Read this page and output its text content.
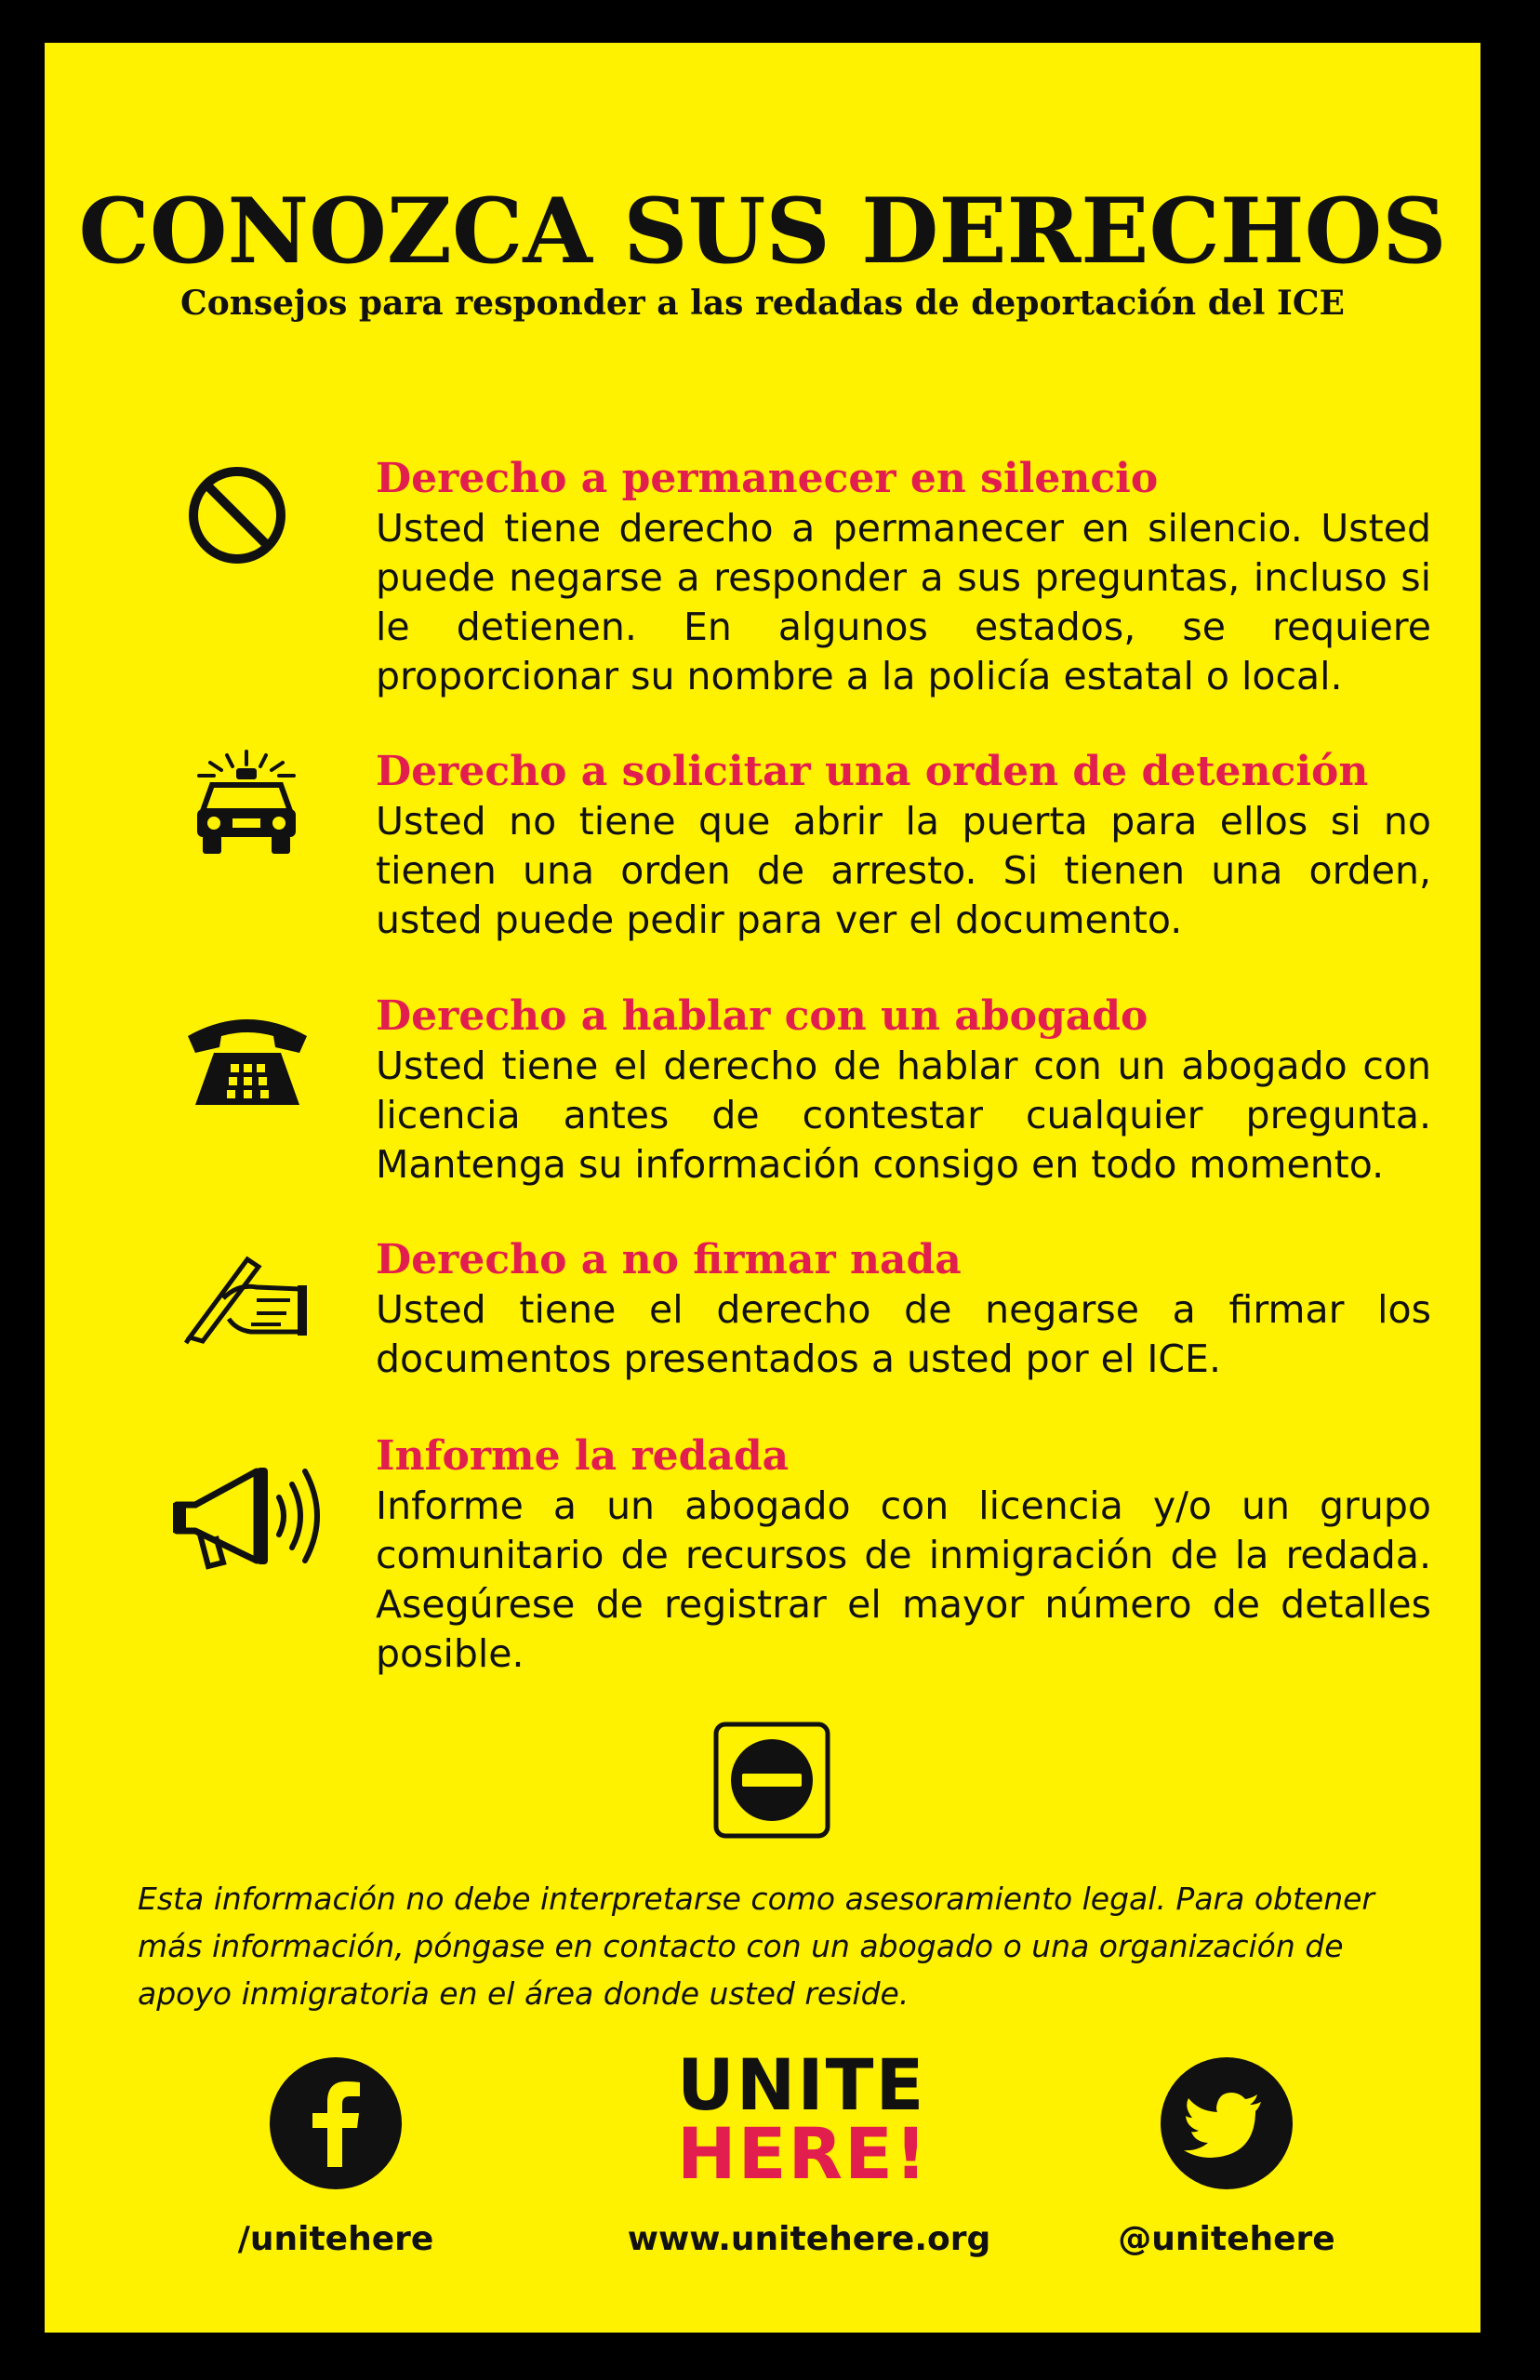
CONOZCA SUS DERECHOS

Consejos para responder a las redadas de deportación del ICE

Derecho a permanecer en silencio

Usted tiene derecho a permanecer en silencio. Usted puede negarse a responder a sus preguntas, incluso si le detienen. En algunos estados, se requiere proporcionar su nombre a la policía estatal o local.

Derecho a solicitar una orden de detención

Usted no tiene que abrir la puerta para ellos si no tienen una orden de arresto. Si tienen una orden, usted puede pedir para ver el documento.

Derecho a hablar con un abogado

Usted tiene el derecho de hablar con un abogado con licencia antes de contestar cualquier pregunta. Mantenga su información consigo en todo momento.

Derecho a no firmar nada

Usted tiene el derecho de negarse a firmar los documentos presentados a usted por el ICE.

Informe la redada

Informe a un abogado con licencia y/o un grupo comunitario de recursos de inmigración de la redada. Asegúrese de registrar el mayor número de detalles posible.

Esta información no debe interpretarse como asesoramiento legal. Para obtener más información, póngase en contacto con un abogado o una organización de apoyo inmigratoria en el área donde usted reside.

/unitehere

UNITE

HERE!

www.unitehere.org	@unitehere
